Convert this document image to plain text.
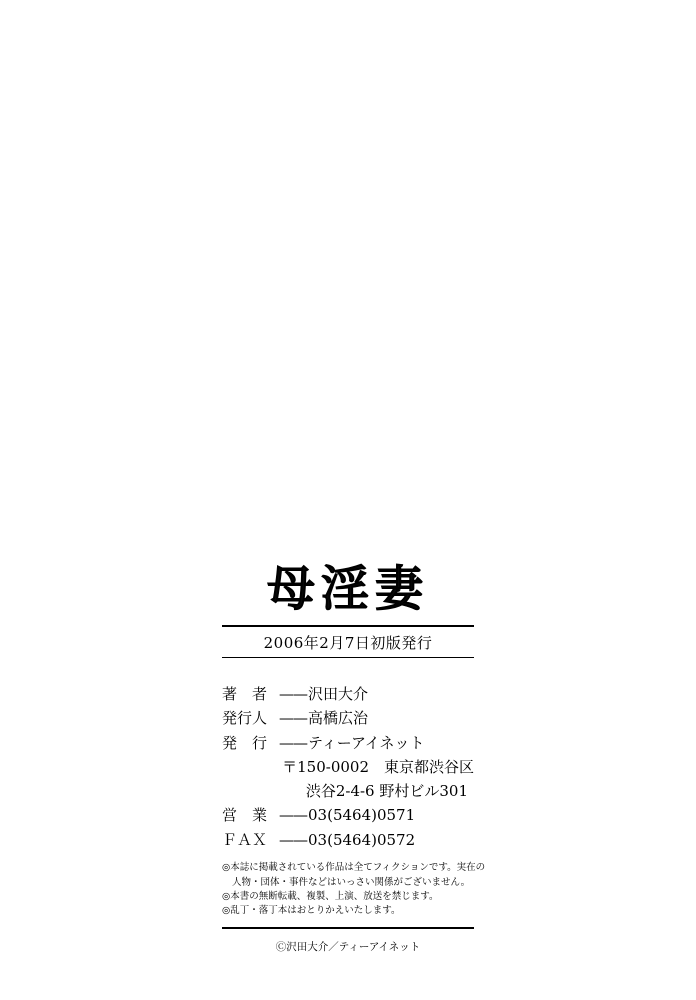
母淫妻
2006年2月7日初版発行
著　者 —— 沢田大介
発行人 —— 高橋広治
発　行 —— ティーアイネット
〒150-0002　東京都渋谷区
渋谷2-4-6 野村ビル301
営　業 —— 03(5464)0571
ＦＡＸ —— 03(5464)0572
◎本誌に掲載されている作品は全てフィクションです。実在の
人物・団体・事件などはいっさい関係がございません。
◎本書の無断転載、複製、上演、放送を禁じます。
◎乱丁・落丁本はおとりかえいたします。
Ⓒ沢田大介／ティーアイネット
